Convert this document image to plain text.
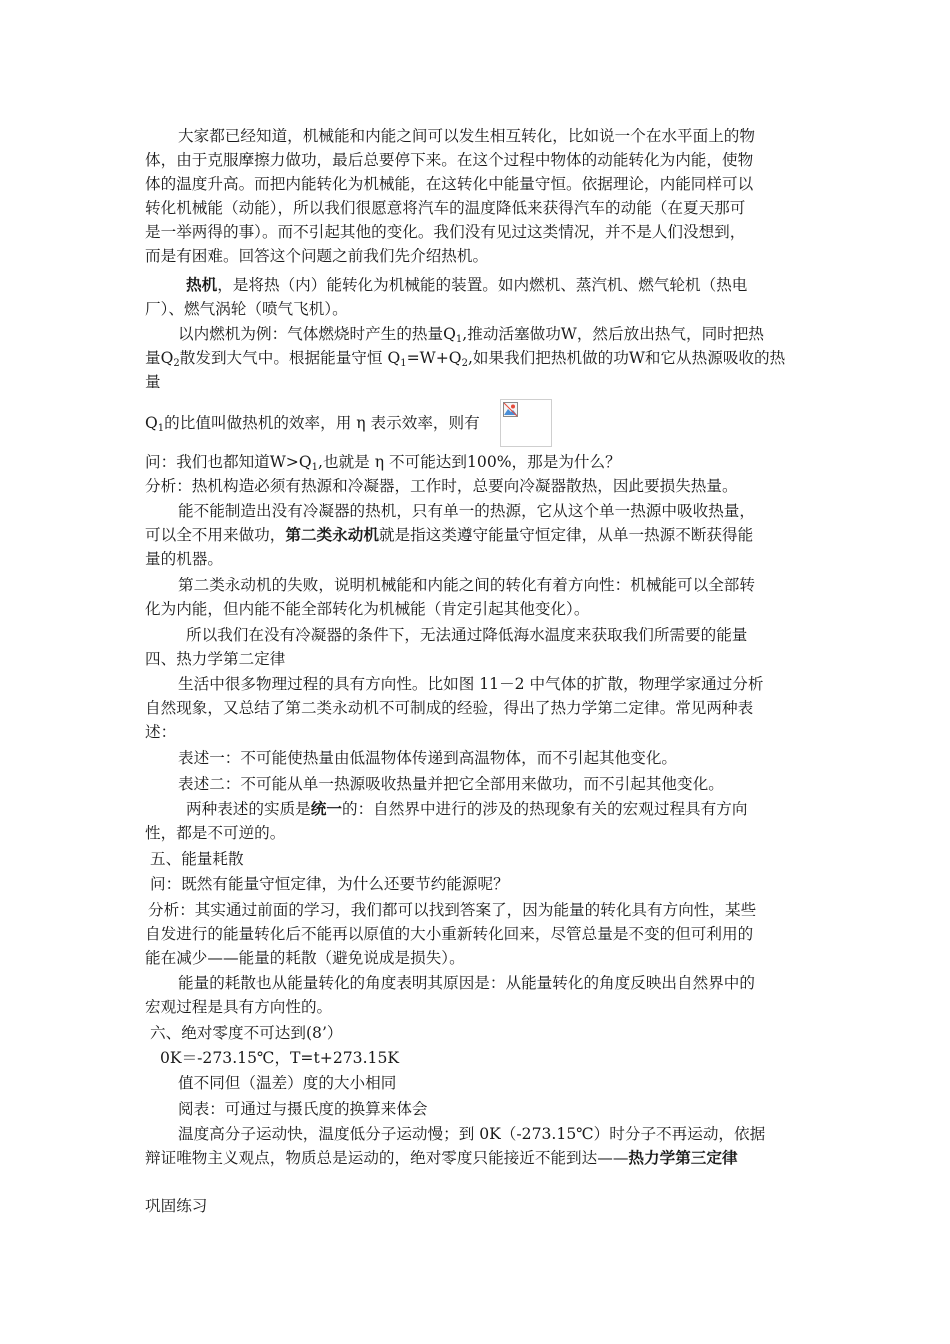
大家都已经知道，机械能和内能之间可以发生相互转化，比如说一个在水平面上的物
体，由于克服摩擦力做功，最后总要停下来。在这个过程中物体的动能转化为内能，使物
体的温度升高。而把内能转化为机械能，在这转化中能量守恒。依据理论，内能同样可以
转化机械能（动能），所以我们很愿意将汽车的温度降低来获得汽车的动能（在夏天那可
是一举两得的事）。而不引起其他的变化。我们没有见过这类情况，并不是人们没想到，
而是有困难。回答这个问题之前我们先介绍热机。
热机，是将热（内）能转化为机械能的装置。如内燃机、蒸汽机、燃气轮机（热电
厂）、燃气涡轮（喷气飞机）。
以内燃机为例：气体燃烧时产生的热量$Q_1$,推动活塞做功W，然后放出热气，同时把热
量$Q_2$散发到大气中。根据能量守恒 $Q_1=W+Q_2$,如果我们把热机做的功W和它从热源吸收的热
量
$Q_1$的比值叫做热机的效率，用 η 表示效率，则有
问：我们也都知道$W>Q_1$,也就是 η 不可能达到100%，那是为什么？
分析：热机构造必须有热源和冷凝器，工作时，总要向冷凝器散热，因此要损失热量。
能不能制造出没有冷凝器的热机，只有单一的热源，它从这个单一热源中吸收热量，
可以全不用来做功，第二类永动机就是指这类遵守能量守恒定律，从单一热源不断获得能
量的机器。
第二类永动机的失败，说明机械能和内能之间的转化有着方向性：机械能可以全部转
化为内能，但内能不能全部转化为机械能（肯定引起其他变化）。
所以我们在没有冷凝器的条件下，无法通过降低海水温度来获取我们所需要的能量
四、热力学第二定律
生活中很多物理过程的具有方向性。比如图 11－2 中气体的扩散，物理学家通过分析
自然现象，又总结了第二类永动机不可制成的经验，得出了热力学第二定律。常见两种表
述：
表述一：不可能使热量由低温物体传递到高温物体，而不引起其他变化。
表述二：不可能从单一热源吸收热量并把它全部用来做功，而不引起其他变化。
两种表述的实质是统一的：自然界中进行的涉及的热现象有关的宏观过程具有方向
性，都是不可逆的。
五、能量耗散
问：既然有能量守恒定律，为什么还要节约能源呢？
分析：其实通过前面的学习，我们都可以找到答案了，因为能量的转化具有方向性，某些
自发进行的能量转化后不能再以原值的大小重新转化回来，尽管总量是不变的但可利用的
能在减少——能量的耗散（避免说成是损失）。
能量的耗散也从能量转化的角度表明其原因是：从能量转化的角度反映出自然界中的
宏观过程是具有方向性的。
六、绝对零度不可达到(8’）
0K＝-273.15℃，T=t+273.15K
值不同但（温差）度的大小相同
阅表：可通过与摄氏度的换算来体会
温度高分子运动快，温度低分子运动慢；到 0K（-273.15℃）时分子不再运动，依据
辩证唯物主义观点，物质总是运动的，绝对零度只能接近不能到达——热力学第三定律
巩固练习
